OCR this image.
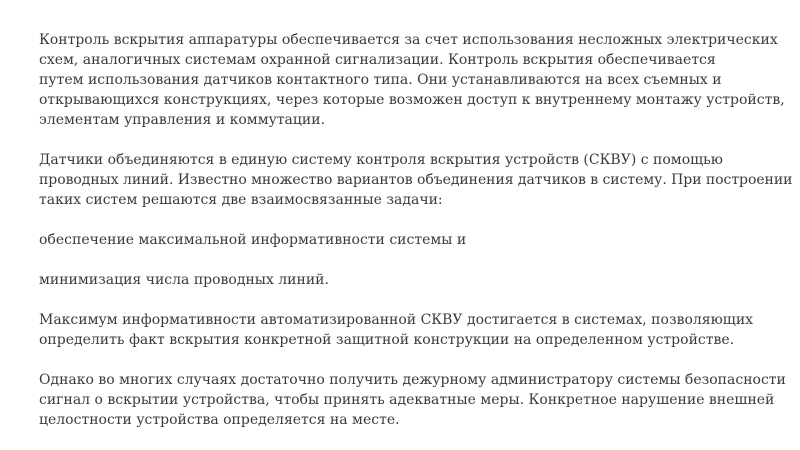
Контроль вскрытия аппаратуры обеспечивается за счет использования несложных электрических
схем, аналогичных системам охранной сигнализации. Контроль вскрытия обеспечивается
путем использования датчиков контактного типа. Они устанавливаются на всех съемных и
открывающихся конструкциях, через которые возможен доступ к внутреннему монтажу устройств,
элементам управления и коммутации.
Датчики объединяются в единую систему контроля вскрытия устройств (СКВУ) с помощью
проводных линий. Известно множество вариантов объединения датчиков в систему. При построении
таких систем решаются две взаимосвязанные задачи:
обеспечение максимальной информативности системы и
минимизация числа проводных линий.
Максимум информативности автоматизированной СКВУ достигается в системах, позволяющих
определить факт вскрытия конкретной защитной конструкции на определенном устройстве.
Однако во многих случаях достаточно получить дежурному администратору системы безопасности
сигнал о вскрытии устройства, чтобы принять адекватные меры. Конкретное нарушение внешней
целостности устройства определяется на месте.
